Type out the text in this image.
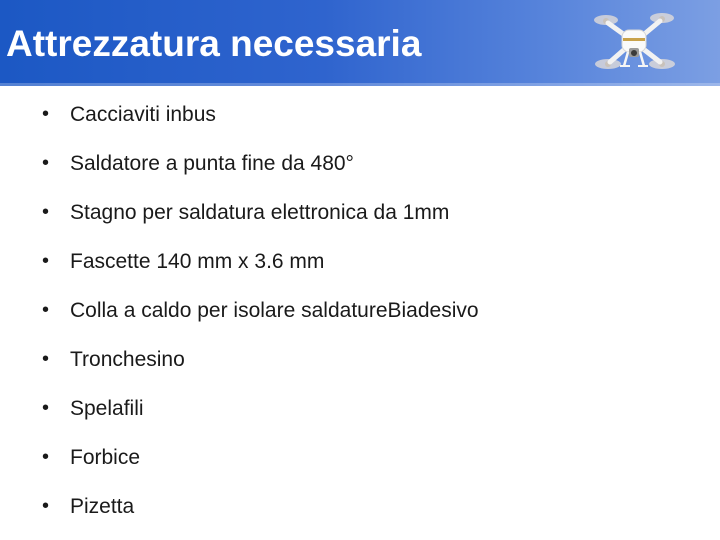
Attrezzatura necessaria
• Cacciaviti inbus
• Saldatore a punta fine da 480°
• Stagno per saldatura elettronica da 1mm
• Fascette 140 mm x 3.6 mm
• Colla a caldo per isolare saldatureBiadesivo
• Tronchesino
• Spelafili
• Forbice
• Pizetta
